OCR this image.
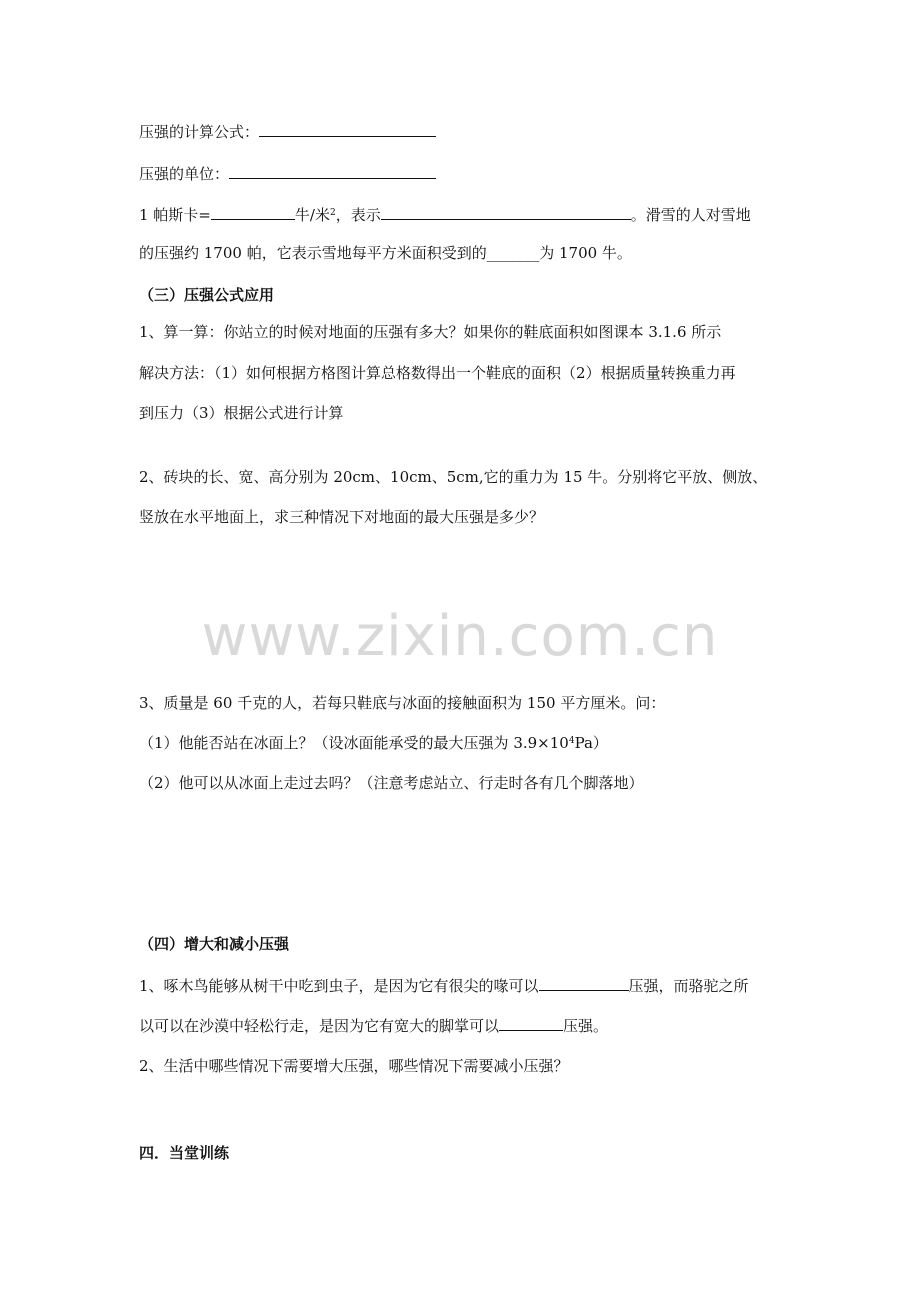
压强的计算公式：
压强的单位：
1 帕斯卡=	牛/米$^2$，表示	。滑雪的人对雪地
的压强约 1700 帕，它表示雪地每平方米面积受到的_______为 1700 牛。
（三）压强公式应用
1、算一算：你站立的时候对地面的压强有多大？如果你的鞋底面积如图课本 3.1.6 所示
解决方法：（1）如何根据方格图计算总格数得出一个鞋底的面积（2）根据质量转换重力再
到压力（3）根据公式进行计算
2、砖块的长、宽、高分别为 20cm、10cm、5cm,它的重力为 15 牛。分别将它平放、侧放、
竖放在水平地面上，求三种情况下对地面的最大压强是多少？
www.zixin.com.cn
3、质量是 60 千克的人，若每只鞋底与冰面的接触面积为 150 平方厘米。问：
（1）他能否站在冰面上？（设冰面能承受的最大压强为 $3.9\times 10^4Pa$）
（2）他可以从冰面上走过去吗？（注意考虑站立、行走时各有几个脚落地）
（四）增大和减小压强
1、啄木鸟能够从树干中吃到虫子，是因为它有很尖的喙可以	压强，而骆驼之所
以可以在沙漠中轻松行走，是因为它有宽大的脚掌可以	压强。
2、生活中哪些情况下需要增大压强，哪些情况下需要减小压强？
四．当堂训练
